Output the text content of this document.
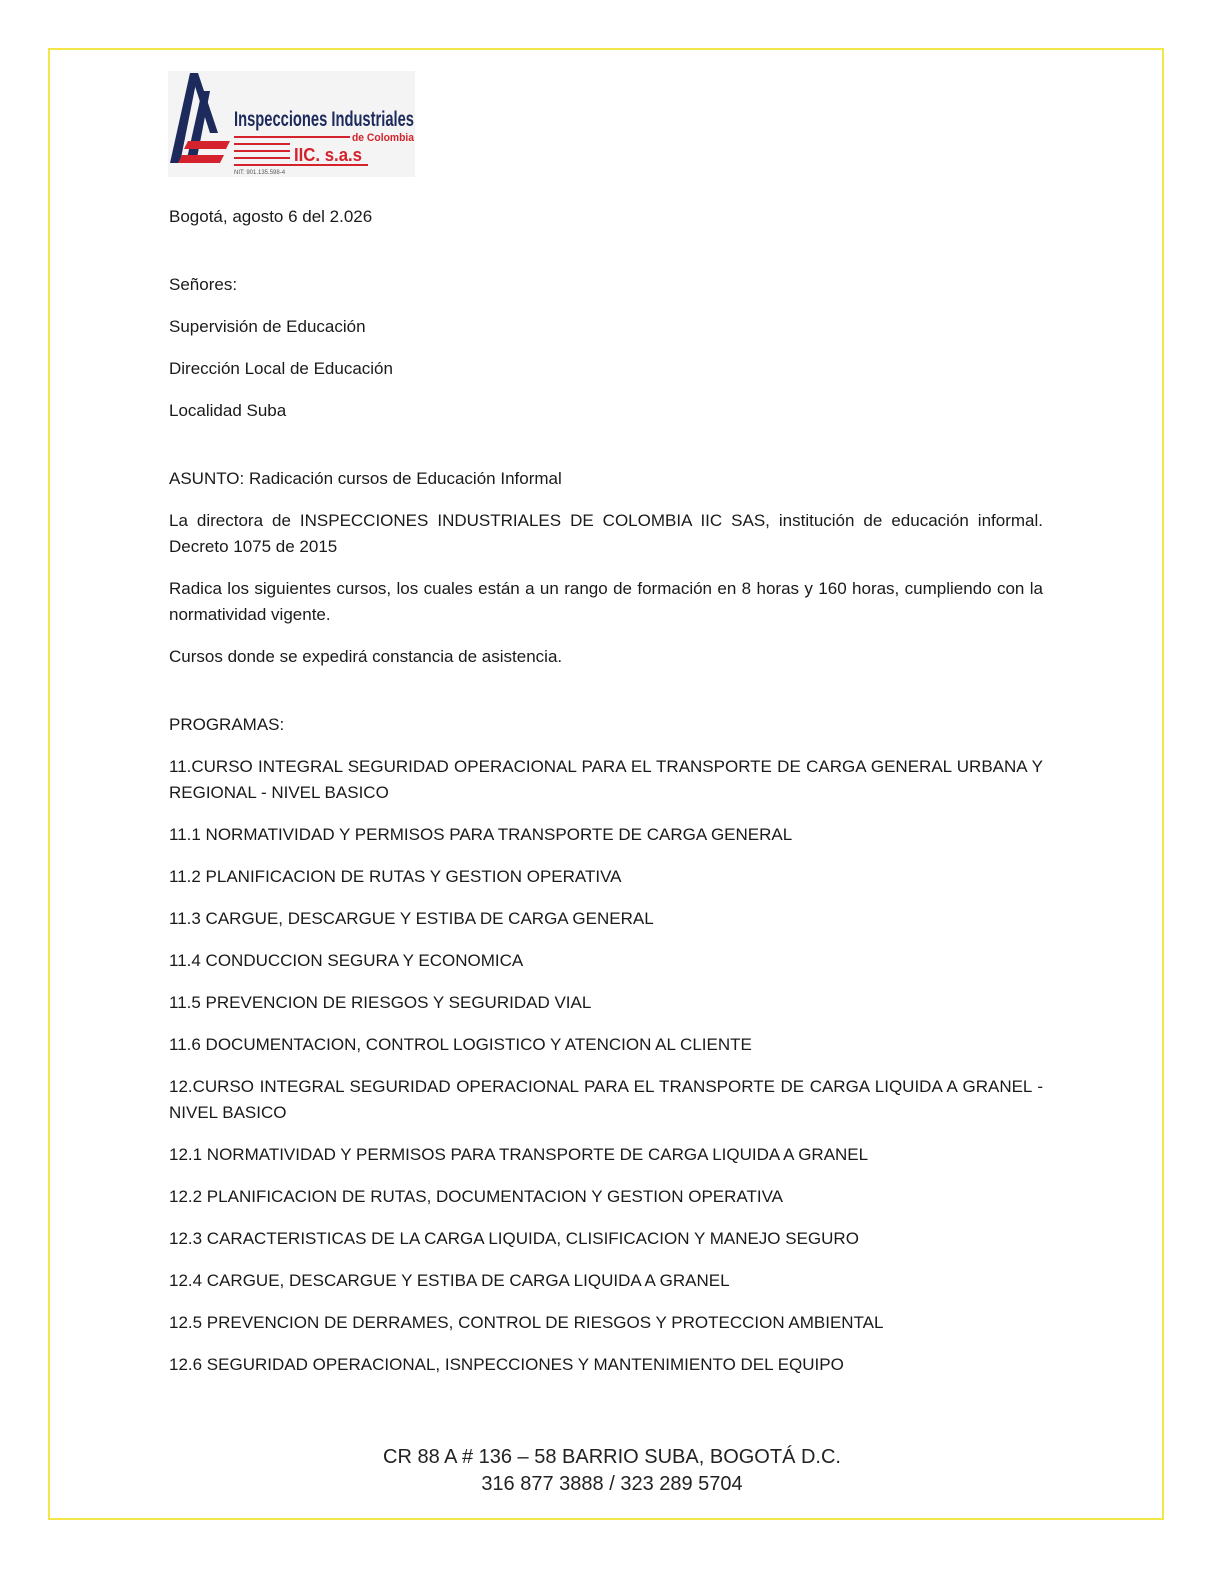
Inspecciones Industriales
de Colombia
IIC. s.a.s
NIT: 901.135.598-4

Bogotá, agosto 6 del 2.026

Señores:

Supervisión de Educación

Dirección Local de Educación

Localidad Suba

ASUNTO: Radicación cursos de Educación Informal

La directora de INSPECCIONES INDUSTRIALES DE COLOMBIA IIC SAS, institución de educación informal. Decreto 1075 de 2015

Radica los siguientes cursos, los cuales están a un rango de formación en 8 horas y 160 horas, cumpliendo con la normatividad vigente.

Cursos donde se expedirá constancia de asistencia.

PROGRAMAS:

11.CURSO INTEGRAL SEGURIDAD OPERACIONAL PARA EL TRANSPORTE DE CARGA GENERAL URBANA Y REGIONAL - NIVEL BASICO

11.1 NORMATIVIDAD Y PERMISOS PARA TRANSPORTE DE CARGA GENERAL

11.2 PLANIFICACION DE RUTAS Y GESTION OPERATIVA

11.3 CARGUE, DESCARGUE Y ESTIBA DE CARGA GENERAL

11.4 CONDUCCION SEGURA Y ECONOMICA

11.5 PREVENCION DE RIESGOS Y SEGURIDAD VIAL

11.6 DOCUMENTACION, CONTROL LOGISTICO Y ATENCION AL CLIENTE

12.CURSO INTEGRAL SEGURIDAD OPERACIONAL PARA EL TRANSPORTE DE CARGA LIQUIDA A GRANEL - NIVEL BASICO

12.1 NORMATIVIDAD Y PERMISOS PARA TRANSPORTE DE CARGA LIQUIDA A GRANEL

12.2 PLANIFICACION DE RUTAS, DOCUMENTACION Y GESTION OPERATIVA

12.3 CARACTERISTICAS DE LA CARGA LIQUIDA, CLISIFICACION Y MANEJO SEGURO

12.4 CARGUE, DESCARGUE Y ESTIBA DE CARGA LIQUIDA A GRANEL

12.5 PREVENCION DE DERRAMES, CONTROL DE RIESGOS Y PROTECCION AMBIENTAL

12.6 SEGURIDAD OPERACIONAL, ISNPECCIONES Y MANTENIMIENTO DEL EQUIPO

CR 88 A # 136 – 58 BARRIO SUBA, BOGOTÁ D.C.
316 877 3888 / 323 289 5704
